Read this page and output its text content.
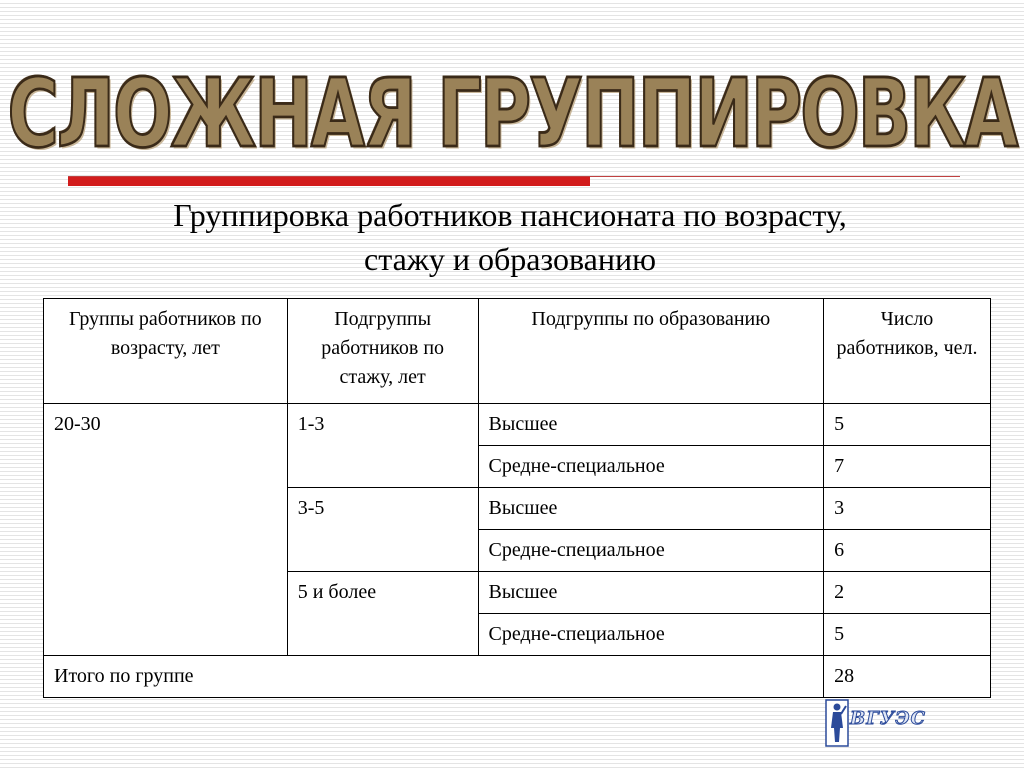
СЛОЖНАЯ ГРУППИРОВКА
Группировка работников пансионата по возрасту,
стажу и образованию
Группы работников по возрасту, лет	Подгруппы работников по стажу, лет	Подгруппы по образованию	Число работников, чел.
20-30	1-3	Высшее	5
		Средне-специальное	7
	3-5	Высшее	3
		Средне-специальное	6
	5 и более	Высшее	2
		Средне-специальное	5
Итого по группе			28
ВГУЭС
